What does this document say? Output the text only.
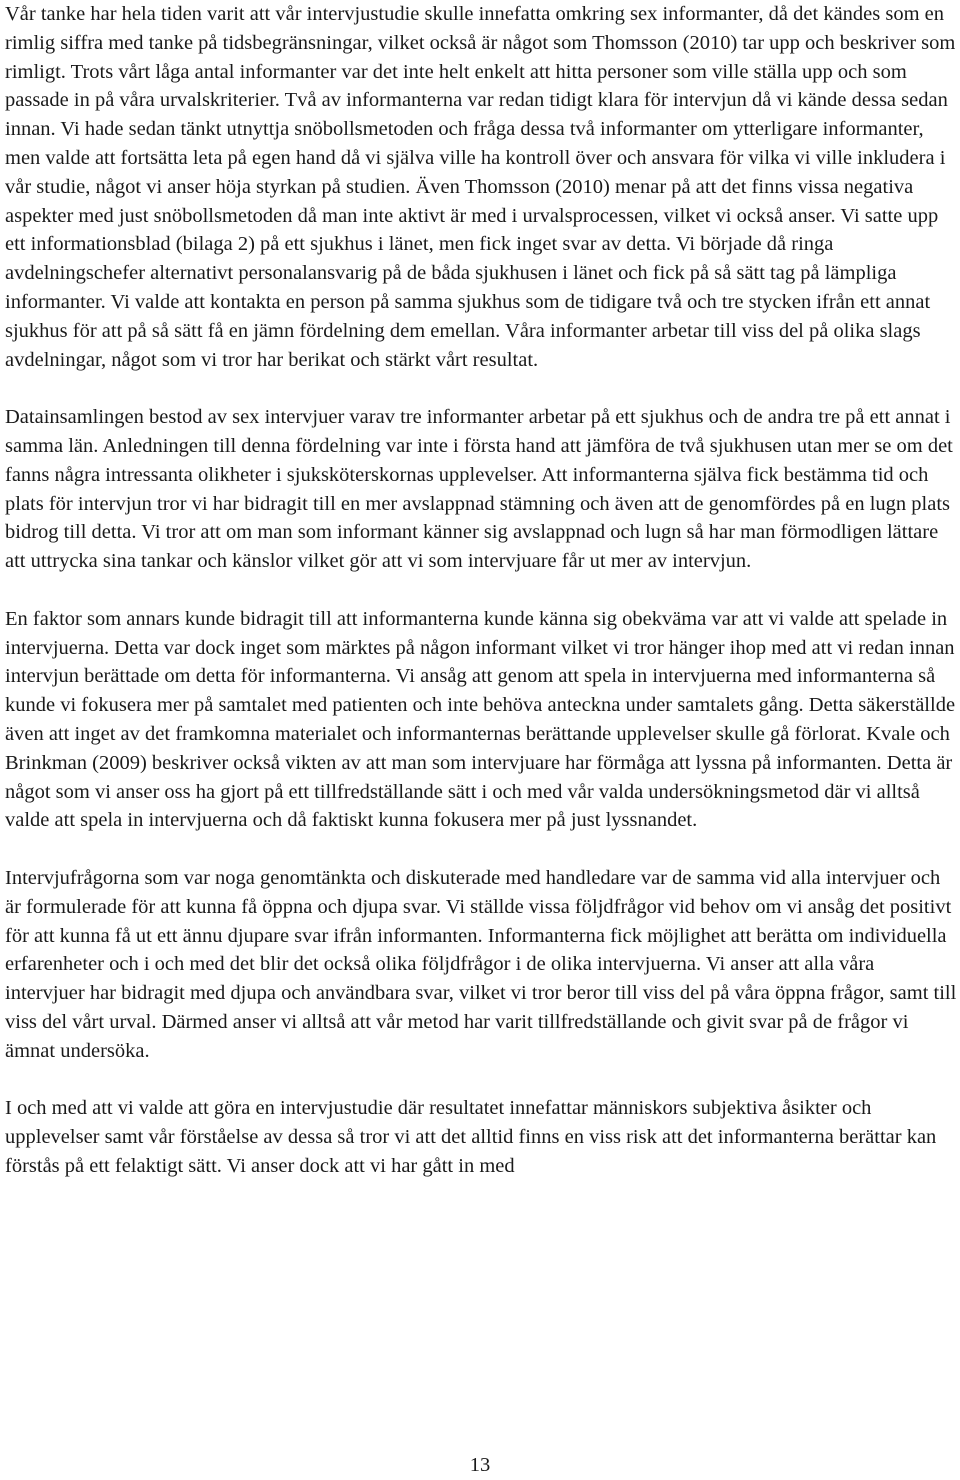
Vår tanke har hela tiden varit att vår intervjustudie skulle innefatta omkring sex informanter, då det kändes som en rimlig siffra med tanke på tidsbegränsningar, vilket också är något som Thomsson (2010) tar upp och beskriver som rimligt. Trots vårt låga antal informanter var det inte helt enkelt att hitta personer som ville ställa upp och som passade in på våra urvalskriterier. Två av informanterna var redan tidigt klara för intervjun då vi kände dessa sedan innan. Vi hade sedan tänkt utnyttja snöbollsmetoden och fråga dessa två informanter om ytterligare informanter, men valde att fortsätta leta på egen hand då vi själva ville ha kontroll över och ansvara för vilka vi ville inkludera i vår studie, något vi anser höja styrkan på studien. Även Thomsson (2010) menar på att det finns vissa negativa aspekter med just snöbollsmetoden då man inte aktivt är med i urvalsprocessen, vilket vi också anser. Vi satte upp ett informationsblad (bilaga 2) på ett sjukhus i länet, men fick inget svar av detta. Vi började då ringa avdelningschefer alternativt personalansvarig på de båda sjukhusen i länet och fick på så sätt tag på lämpliga informanter. Vi valde att kontakta en person på samma sjukhus som de tidigare två och tre stycken ifrån ett annat sjukhus för att på så sätt få en jämn fördelning dem emellan. Våra informanter arbetar till viss del på olika slags avdelningar, något som vi tror har berikat och stärkt vårt resultat.

Datainsamlingen bestod av sex intervjuer varav tre informanter arbetar på ett sjukhus och de andra tre på ett annat i samma län. Anledningen till denna fördelning var inte i första hand att jämföra de två sjukhusen utan mer se om det fanns några intressanta olikheter i sjuksköterskornas upplevelser. Att informanterna själva fick bestämma tid och plats för intervjun tror vi har bidragit till en mer avslappnad stämning och även att de genomfördes på en lugn plats bidrog till detta. Vi tror att om man som informant känner sig avslappnad och lugn så har man förmodligen lättare att uttrycka sina tankar och känslor vilket gör att vi som intervjuare får ut mer av intervjun.

En faktor som annars kunde bidragit till att informanterna kunde känna sig obekväma var att vi valde att spelade in intervjuerna. Detta var dock inget som märktes på någon informant vilket vi tror hänger ihop med att vi redan innan intervjun berättade om detta för informanterna. Vi ansåg att genom att spela in intervjuerna med informanterna så kunde vi fokusera mer på samtalet med patienten och inte behöva anteckna under samtalets gång. Detta säkerställde även att inget av det framkomna materialet och informanternas berättande upplevelser skulle gå förlorat. Kvale och Brinkman (2009) beskriver också vikten av att man som intervjuare har förmåga att lyssna på informanten. Detta är något som vi anser oss ha gjort på ett tillfredställande sätt i och med vår valda undersökningsmetod där vi alltså valde att spela in intervjuerna och då faktiskt kunna fokusera mer på just lyssnandet.

Intervjufrågorna som var noga genomtänkta och diskuterade med handledare var de samma vid alla intervjuer och är formulerade för att kunna få öppna och djupa svar. Vi ställde vissa följdfrågor vid behov om vi ansåg det positivt för att kunna få ut ett ännu djupare svar ifrån informanten. Informanterna fick möjlighet att berätta om individuella erfarenheter och i och med det blir det också olika följdfrågor i de olika intervjuerna. Vi anser att alla våra intervjuer har bidragit med djupa och användbara svar, vilket vi tror beror till viss del på våra öppna frågor, samt till viss del vårt urval. Därmed anser vi alltså att vår metod har varit tillfredställande och givit svar på de frågor vi ämnat undersöka.

I och med att vi valde att göra en intervjustudie där resultatet innefattar människors subjektiva åsikter och upplevelser samt vår förståelse av dessa så tror vi att det alltid finns en viss risk att det informanterna berättar kan förstås på ett felaktigt sätt. Vi anser dock att vi har gått in med

13
